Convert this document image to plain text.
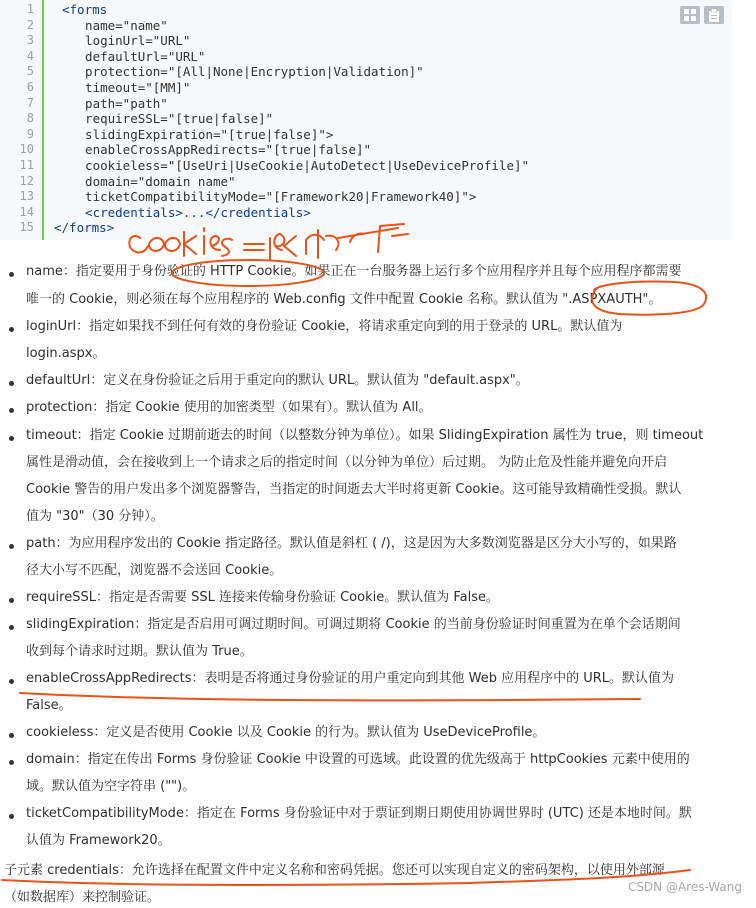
1
2
3
4
5
6
7
8
9
10
11
12
13
14
15
<forms
name="name"
loginUrl="URL"
defaultUrl="URL"
protection="[All|None|Encryption|Validation]"
timeout="[MM]"
path="path"
requireSSL="[true|false]"
slidingExpiration="[true|false]">
enableCrossAppRedirects="[true|false]"
cookieless="[UseUri|UseCookie|AutoDetect|UseDeviceProfile]"
domain="domain name"
ticketCompatibilityMode="[Framework20|Framework40]">
<credentials>...</credentials>
</forms>
name：指定要用于身份验证的 HTTP Cookie。如果正在一台服务器上运行多个应用程序并且每个应用程序都需要
唯一的 Cookie，则必须在每个应用程序的 Web.config 文件中配置 Cookie 名称。默认值为 ".ASPXAUTH"。
loginUrl：指定如果找不到任何有效的身份验证 Cookie，将请求重定向到的用于登录的 URL。默认值为
login.aspx。
defaultUrl：定义在身份验证之后用于重定向的默认 URL。默认值为 "default.aspx"。
protection：指定 Cookie 使用的加密类型（如果有）。默认值为 All。
timeout：指定 Cookie 过期前逝去的时间（以整数分钟为单位）。如果 SlidingExpiration 属性为 true，则 timeout
属性是滑动值，会在接收到上一个请求之后的指定时间（以分钟为单位）后过期。 为防止危及性能并避免向开启
Cookie 警告的用户发出多个浏览器警告，当指定的时间逝去大半时将更新 Cookie。这可能导致精确性受损。默认
值为 "30"（30 分钟）。
path：为应用程序发出的 Cookie 指定路径。默认值是斜杠 ( /)，这是因为大多数浏览器是区分大小写的，如果路
径大小写不匹配，浏览器不会送回 Cookie。
requireSSL：指定是否需要 SSL 连接来传输身份验证 Cookie。默认值为 False。
slidingExpiration：指定是否启用可调过期时间。可调过期将 Cookie 的当前身份验证时间重置为在单个会话期间
收到每个请求时过期。默认值为 True。
enableCrossAppRedirects：表明是否将通过身份验证的用户重定向到其他 Web 应用程序中的 URL。默认值为
False。
cookieless：定义是否使用 Cookie 以及 Cookie 的行为。默认值为 UseDeviceProfile。
domain：指定在传出 Forms 身份验证 Cookie 中设置的可选域。此设置的优先级高于 httpCookies 元素中使用的
域。默认值为空字符串 ("")。
ticketCompatibilityMode：指定在 Forms 身份验证中对于票证到期日期使用协调世界时 (UTC) 还是本地时间。默
认值为 Framework20。
子元素 credentials：允许选择在配置文件中定义名称和密码凭据。您还可以实现自定义的密码架构，以使用外部源
（如数据库）来控制验证。
CSDN @Ares-Wang
